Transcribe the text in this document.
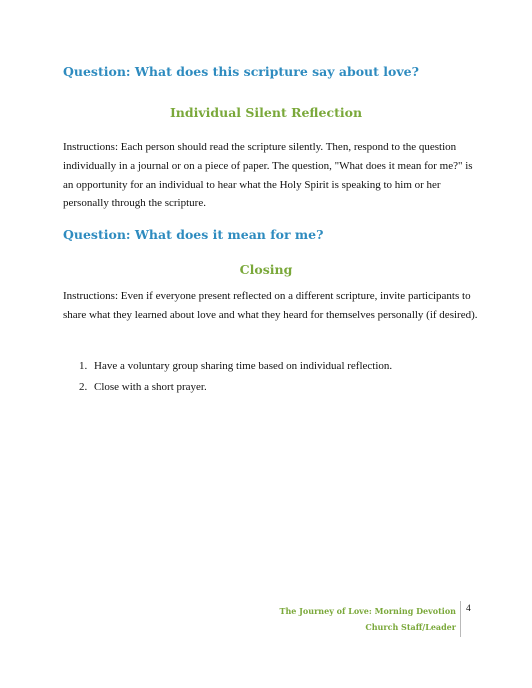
Question: What does this scripture say about love?
Individual Silent Reflection

Instructions: Each person should read the scripture silently. Then, respond to the question individually in a journal or on a piece of paper. The question, "What does it mean for me?" is an opportunity for an individual to hear what the Holy Spirit is speaking to him or her personally through the scripture.

Question: What does it mean for me?
Closing

Instructions: Even if everyone present reflected on a different scripture, invite participants to share what they learned about love and what they heard for themselves personally (if desired).

1. Have a voluntary group sharing time based on individual reflection.
2. Close with a short prayer.
The Journey of Love: Morning Devotion
Church Staff/Leader
4
